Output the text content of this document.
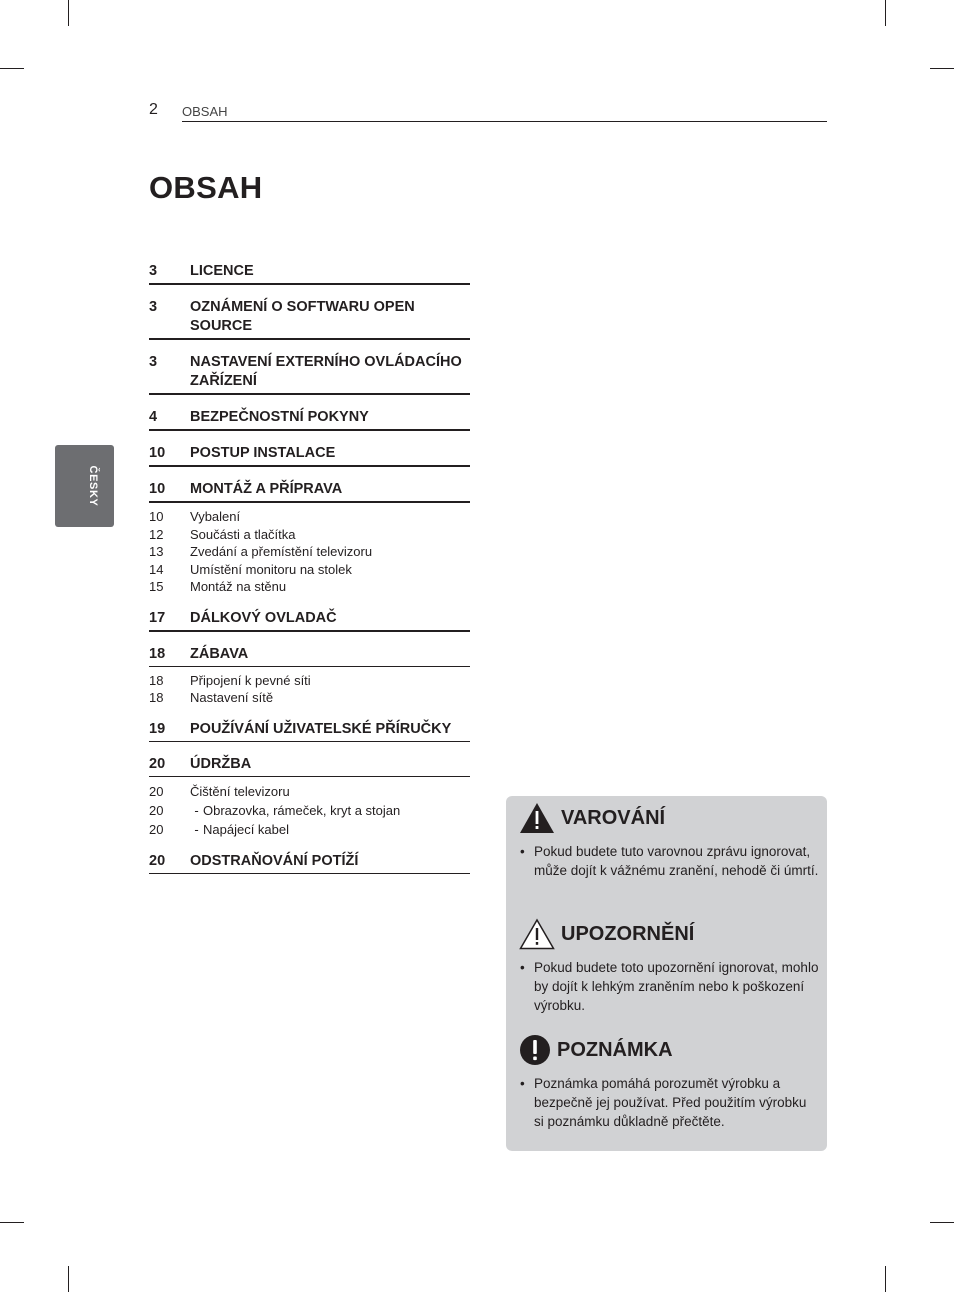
2 OBSAH
OBSAH
ČESKY
3	LICENCE
3	OZNÁMENÍ O SOFTWARU OPEN SOURCE
3	NASTAVENÍ EXTERNÍHO OVLÁDACÍHO ZAŘÍZENÍ
4	BEZPEČNOSTNÍ POKYNY
10	POSTUP INSTALACE
10	MONTÁŽ A PŘÍPRAVA
10	Vybalení
12	Součásti a tlačítka
13	Zvedání a přemístění televizoru
14	Umístění monitoru na stolek
15	Montáž na stěnu
17	DÁLKOVÝ OVLADAČ
18	ZÁBAVA
18	Připojení k pevné síti
18	Nastavení sítě
19	POUŽÍVÁNÍ UŽIVATELSKÉ PŘÍRUČKY
20	ÚDRŽBA
20	Čištění televizoru
20	- Obrazovka, rámeček, kryt a stojan
20	- Napájecí kabel
20	ODSTRAŇOVÁNÍ POTÍŽÍ
VAROVÁNÍ
• Pokud budete tuto varovnou zprávu ignorovat, může dojít k vážnému zranění, nehodě či úmrtí.
UPOZORNĚNÍ
• Pokud budete toto upozornění ignorovat, mohlo by dojít k lehkým zraněním nebo k poškození výrobku.
POZNÁMKA
• Poznámka pomáhá porozumět výrobku a bezpečně jej používat. Před použitím výrobku si poznámku důkladně přečtěte.
